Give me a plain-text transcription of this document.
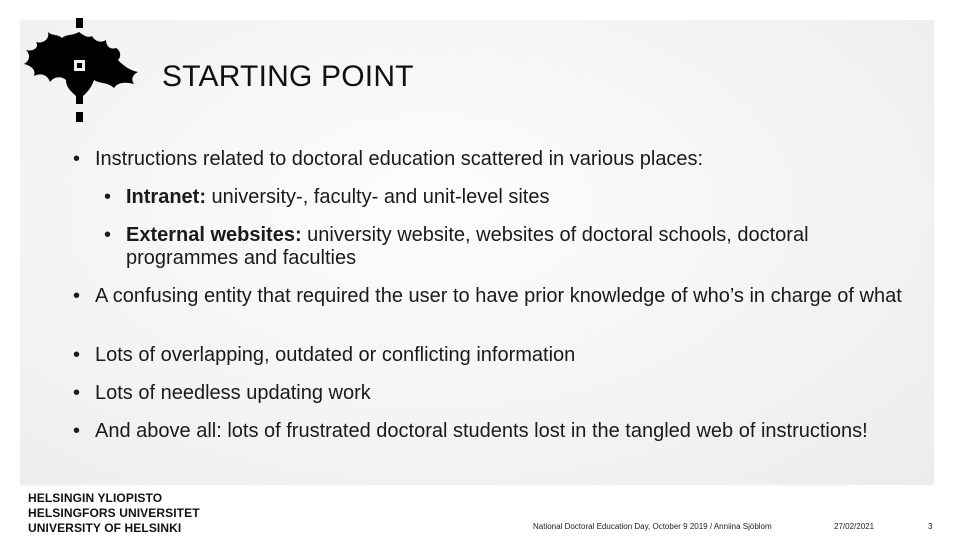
STARTING POINT
• Instructions related to doctoral education scattered in various places:
• Intranet: university-, faculty- and unit-level sites
• External websites: university website, websites of doctoral schools, doctoral programmes and faculties
• A confusing entity that required the user to have prior knowledge of who’s in charge of what
• Lots of overlapping, outdated or conflicting information
• Lots of needless updating work
• And above all: lots of frustrated doctoral students lost in the tangled web of instructions!
HELSINGIN YLIOPISTO
HELSINGFORS UNIVERSITET
UNIVERSITY OF HELSINKI	National Doctoral Education Day, October 9 2019 / Anniina Sjöblom	27/02/2021	3
